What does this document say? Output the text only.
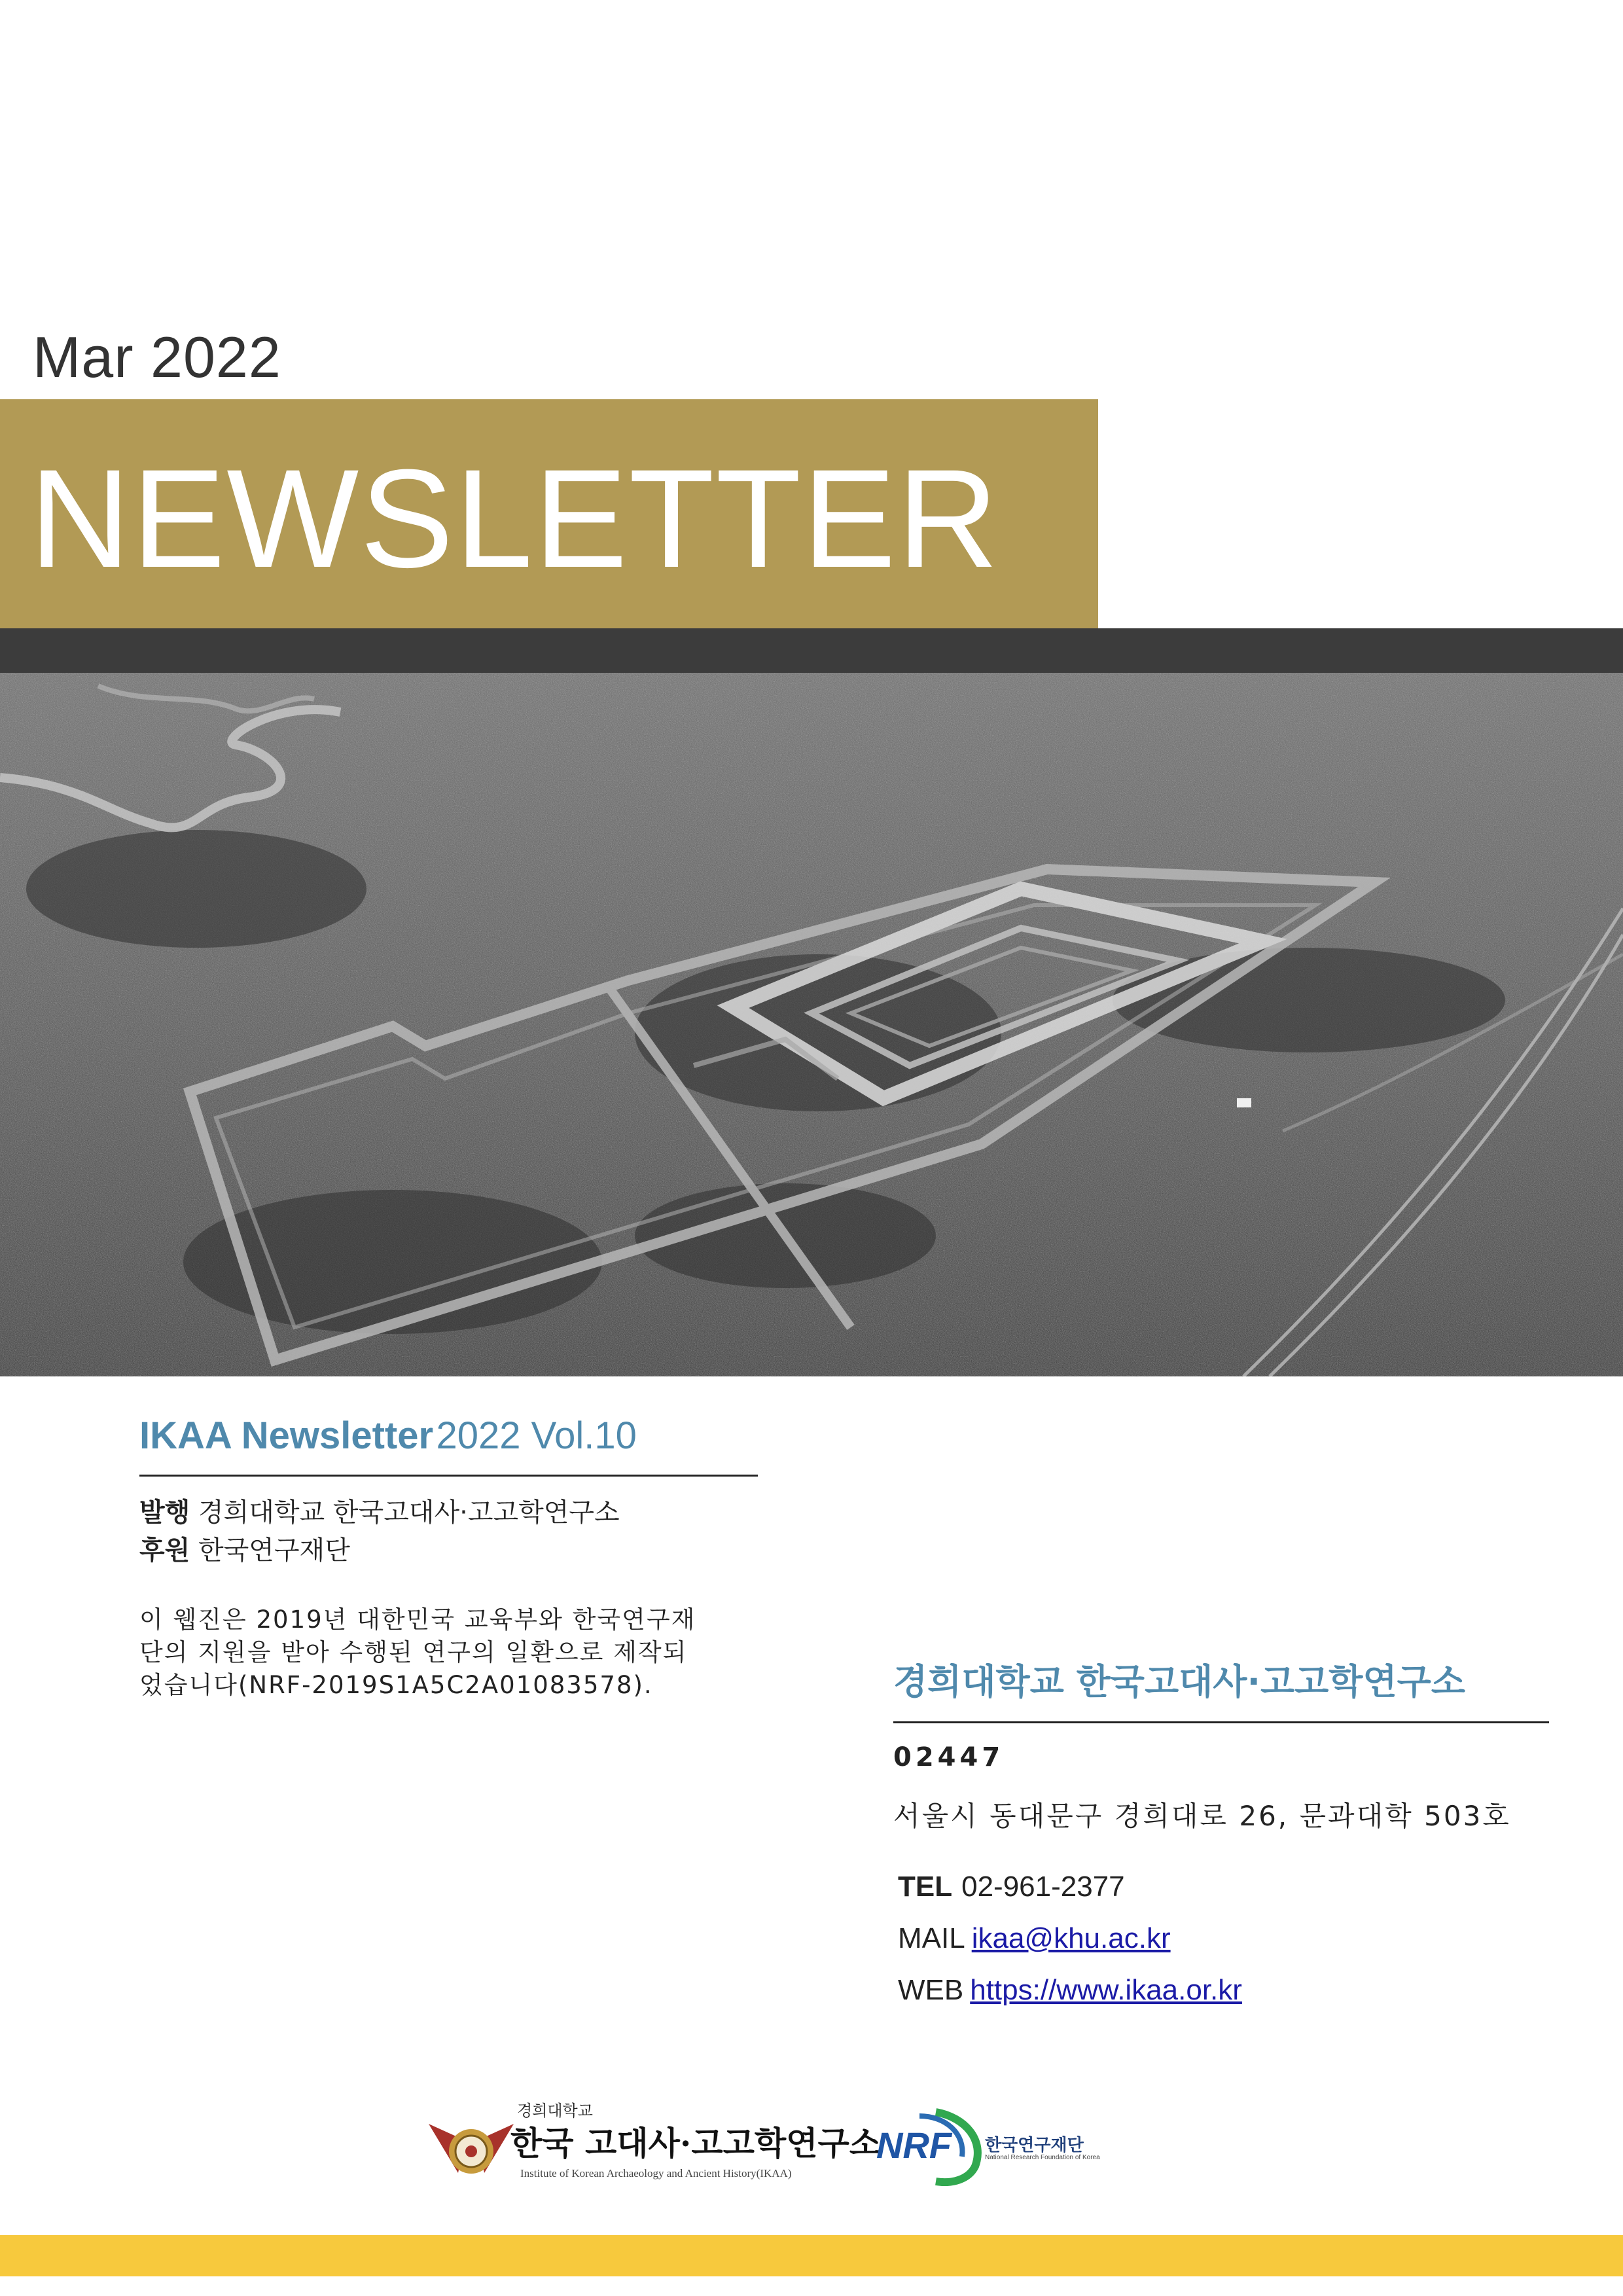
Mar 2022
NEWSLETTER
IKAA Newsletter 2022 Vol.10
발행 경희대학교 한국고대사·고고학연구소
후원 한국연구재단

이 웹진은 2019년 대한민국 교육부와 한국연구재

단의 지원을 받아 수행된 연구의 일환으로 제작되

었습니다(NRF-2019S1A5C2A01083578).	경희대학교 한국고대사·고고학연구소
02447
서울시 동대문구 경희대로 26, 문과대학 503호
TEL 02-961-2377
MAIL ikaa@khu.ac.kr
WEB https://www.ikaa.or.kr
경희대학교
한국 고대사·고고학연구소
Institute of Korean Archaeology and Ancient History(IKAA)
NRF 한국연구재단
National Research Foundation of Korea
